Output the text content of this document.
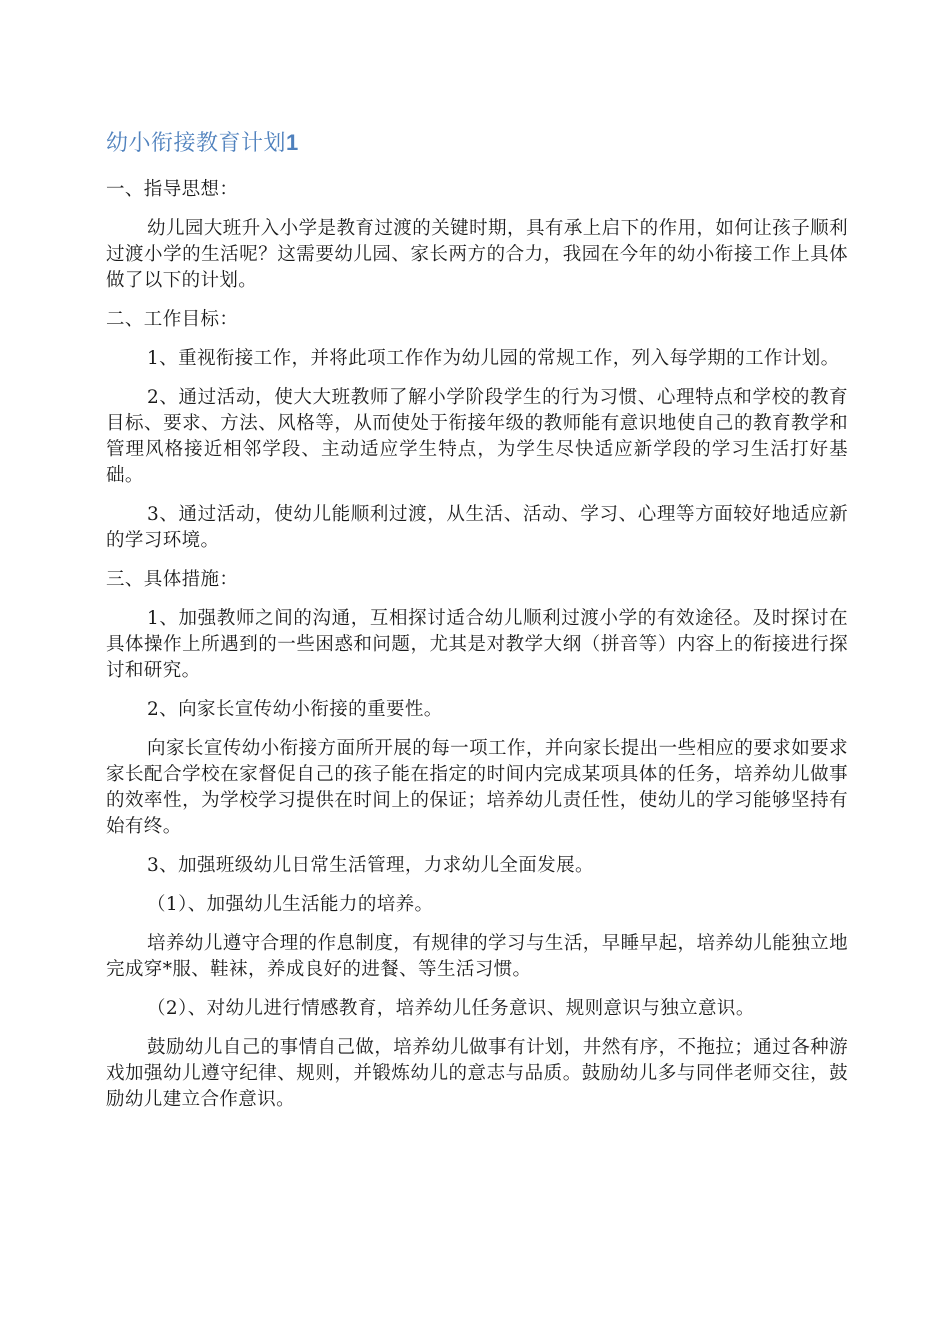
幼小衔接教育计划1

一、指导思想：

幼儿园大班升入小学是教育过渡的关键时期，具有承上启下的作用，如何让孩子顺利过渡小学的生活呢？这需要幼儿园、家长两方的合力，我园在今年的幼小衔接工作上具体做了以下的计划。

二、工作目标：

1、重视衔接工作，并将此项工作作为幼儿园的常规工作，列入每学期的工作计划。

2、通过活动，使大大班教师了解小学阶段学生的行为习惯、心理特点和学校的教育目标、要求、方法、风格等，从而使处于衔接年级的教师能有意识地使自己的教育教学和管理风格接近相邻学段、主动适应学生特点，为学生尽快适应新学段的学习生活打好基础。

3、通过活动，使幼儿能顺利过渡，从生活、活动、学习、心理等方面较好地适应新的学习环境。

三、具体措施：

1、加强教师之间的沟通，互相探讨适合幼儿顺利过渡小学的有效途径。及时探讨在具体操作上所遇到的一些困惑和问题，尤其是对教学大纲（拼音等）内容上的衔接进行探讨和研究。

2、向家长宣传幼小衔接的重要性。

向家长宣传幼小衔接方面所开展的每一项工作，并向家长提出一些相应的要求如要求家长配合学校在家督促自己的孩子能在指定的时间内完成某项具体的任务，培养幼儿做事的效率性，为学校学习提供在时间上的保证；培养幼儿责任性，使幼儿的学习能够坚持有始有终。

3、加强班级幼儿日常生活管理，力求幼儿全面发展。

（1）、加强幼儿生活能力的培养。

培养幼儿遵守合理的作息制度，有规律的学习与生活，早睡早起，培养幼儿能独立地完成穿*服、鞋袜，养成良好的进餐、等生活习惯。

（2）、对幼儿进行情感教育，培养幼儿任务意识、规则意识与独立意识。

鼓励幼儿自己的事情自己做，培养幼儿做事有计划，井然有序，不拖拉；通过各种游戏加强幼儿遵守纪律、规则，并锻炼幼儿的意志与品质。鼓励幼儿多与同伴老师交往，鼓励幼儿建立合作意识。
